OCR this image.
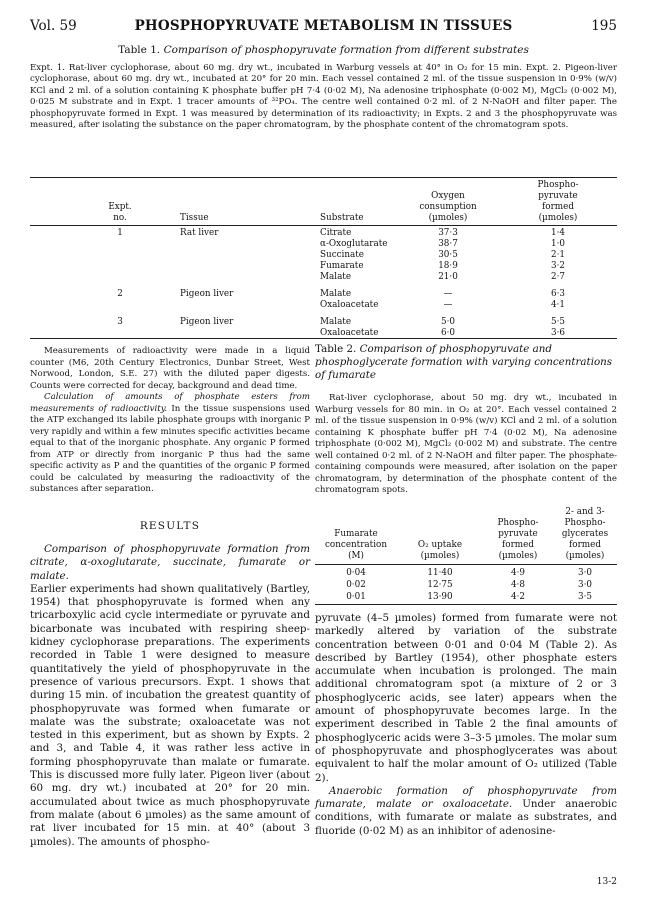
Vol. 59	PHOSPHOPYRUVATE METABOLISM IN TISSUES	195
Table 1. Comparison of phosphopyruvate formation from different substrates
Expt. 1. Rat-liver cyclophorase, about 60 mg. dry wt., incubated in Warburg vessels at 40° in O₂ for 15 min. Expt. 2. Pigeon-liver cyclophorase, about 60 mg. dry wt., incubated at 20° for 20 min. Each vessel contained 2 ml. of the tissue suspension in 0·9% (w/v) KCl and 2 ml. of a solution containing K phosphate buffer pH 7·4 (0·02 M), Na adenosine triphosphate (0·002 M), MgCl₂ (0·002 M), 0·025 M substrate and in Expt. 1 tracer amounts of ³²PO₄. The centre well contained 0·2 ml. of 2 N-NaOH and filter paper. The phosphopyruvate formed in Expt. 1 was measured by determination of its radioactivity; in Expts. 2 and 3 the phosphopyruvate was measured, after isolating the substance on the paper chromatogram, by the phosphate content of the chromatogram spots.
Phospho-
Oxygen	pyruvate
Expt.	consumption	formed
no.	Tissue	Substrate	(µmoles)	(µmoles)
1	Rat liver	Citrate	37·3	1·4
α-Oxoglutarate	38·7	1·0
Succinate	30·5	2·1
Fumarate	18·9	3·2
Malate	21·0	2·7
2	Pigeon liver	Malate	—	6·3
Oxaloacetate	—	4·1
3	Pigeon liver	Malate	5·0	5·5
Oxaloacetate	6·0	3·6
Measurements of radioactivity were made in a liquid counter (M6, 20th Century Electronics, Dunbar Street, West Norwood, London, S.E. 27) with the diluted paper digests. Counts were corrected for decay, background and dead time.
Calculation of amounts of phosphate esters from measurements of radioactivity. In the tissue suspensions used the ATP exchanged its labile phosphate groups with inorganic P very rapidly and within a few minutes specific activities became equal to that of the inorganic phosphate. Any organic P formed from ATP or directly from inorganic P thus had the same specific activity as P and the quantities of the organic P formed could be calculated by measuring the radioactivity of the substances after separation.
RESULTS
Comparison of phosphopyruvate formation from citrate, α-oxoglutarate, succinate, fumarate or malate.
Earlier experiments had shown qualitatively (Bartley, 1954) that phosphopyruvate is formed when any tricarboxylic acid cycle intermediate or pyruvate and bicarbonate was incubated with respiring sheep-kidney cyclophorase preparations. The experiments recorded in Table 1 were designed to measure quantitatively the yield of phosphopyruvate in the presence of various precursors. Expt. 1 shows that during 15 min. of incubation the greatest quantity of phosphopyruvate was formed when fumarate or malate was the substrate; oxaloacetate was not tested in this experiment, but as shown by Expts. 2 and 3, and Table 4, it was rather less active in forming phosphopyruvate than malate or fumarate. This is discussed more fully later. Pigeon liver (about 60 mg. dry wt.) incubated at 20° for 20 min. accumulated about twice as much phosphopyruvate from malate (about 6 µmoles) as the same amount of rat liver incubated for 15 min. at 40° (about 3 µmoles). The amounts of phospho-
Table 2. Comparison of phosphopyruvate and phosphoglycerate formation with varying concentrations of fumarate
Rat-liver cyclophorase, about 50 mg. dry wt., incubated in Warburg vessels for 80 min. in O₂ at 20°. Each vessel contained 2 ml. of the tissue suspension in 0·9% (w/v) KCl and 2 ml. of a solution containing K phosphate buffer pH 7·4 (0·02 M), Na adenosine triphosphate (0·002 M), MgCl₂ (0·002 M) and substrate. The centre well contained 0·2 ml. of 2 N-NaOH and filter paper. The phosphate-containing compounds were measured, after isolation on the paper chromatogram, by determination of the phosphate content of the chromatogram spots.
2- and 3-
Phospho-	Phospho-
Fumarate	pyruvate	glycerates
concentration	O₂ uptake	formed	formed
(M)	(µmoles)	(µmoles)	(µmoles)
0·04	11·40	4·9	3·0
0·02	12·75	4·8	3·0
0·01	13·90	4·2	3·5
pyruvate (4–5 µmoles) formed from fumarate were not markedly altered by variation of the substrate concentration between 0·01 and 0·04 M (Table 2). As described by Bartley (1954), other phosphate esters accumulate when incubation is prolonged. The main additional chromatogram spot (a mixture of 2 or 3 phosphoglyceric acids, see later) appears when the amount of phosphopyruvate becomes large. In the experiment described in Table 2 the final amounts of phosphoglyceric acids were 3–3·5 µmoles. The molar sum of phosphopyruvate and phosphoglycerates was about equivalent to half the molar amount of O₂ utilized (Table 2).
Anaerobic formation of phosphopyruvate from fumarate, malate or oxaloacetate. Under anaerobic conditions, with fumarate or malate as substrates, and fluoride (0·02 M) as an inhibitor of adenosine-
13-2
